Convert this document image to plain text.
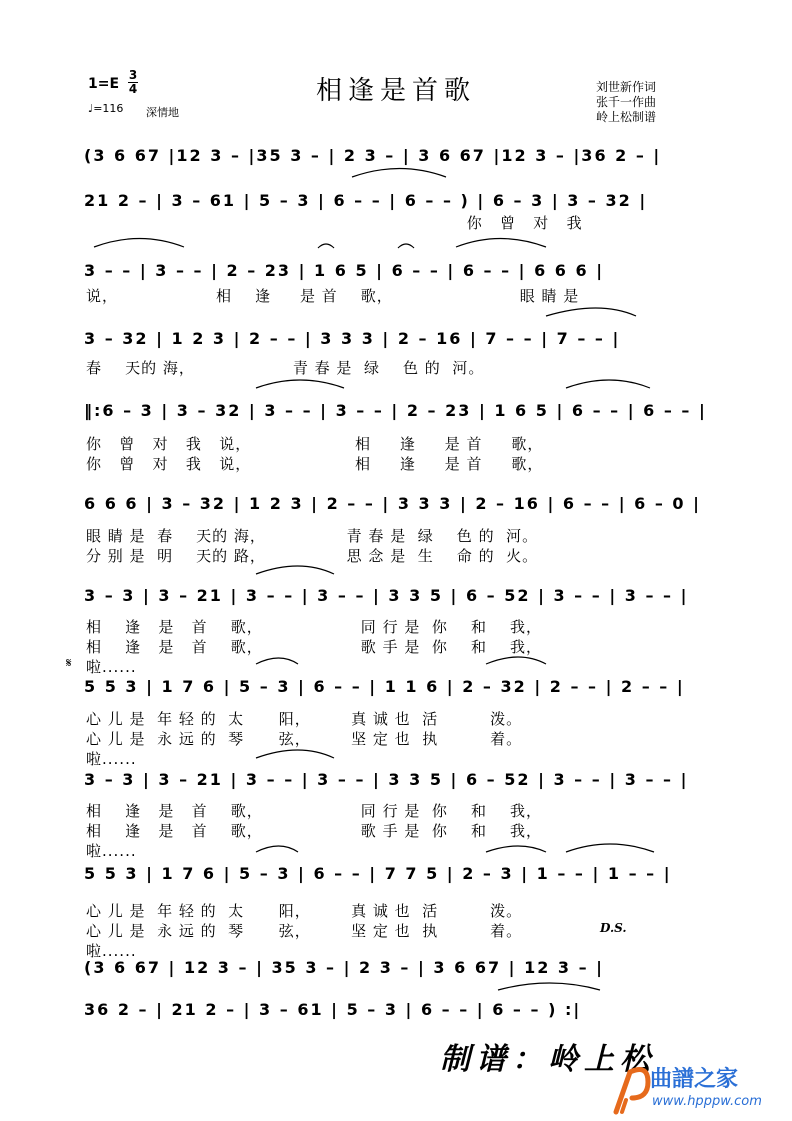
1=E
3
4
♩=116 深情地
相逢是首歌	刘世新作词
张千一作曲
岭上松制谱
(3 6 67 |12 3 – |35 3 – | 2 3 – | 3 6 67 |12 3 – |36 2 – |
21 2 – | 3 – 61 | 5 – 3 | 6 – – | 6 – – ) | 6 – 3 | 3 – 32 |
3 – – | 3 – – | 2 – 23 | 1 6 5 | 6 – – | 6 – – | 6 6 6 |
3 – 32 | 1 2 3 | 2 – – | 3 3 3 | 2 – 16 | 7 – – | 7 – – |
‖:6 – 3 | 3 – 32 | 3 – – | 3 – – | 2 – 23 | 1 6 5 | 6 – – | 6 – – |
6 6 6 | 3 – 32 | 1 2 3 | 2 – – | 3 3 3 | 2 – 16 | 6 – – | 6 – 0 |
3 – 3 | 3 – 21 | 3 – – | 3 – – | 3 3 5 | 6 – 52 | 3 – – | 3 – – |
5 5 3 | 1 7 6 | 5 – 3 | 6 – – | 1 1 6 | 2 – 32 | 2 – – | 2 – – |
3 – 3 | 3 – 21 | 3 – – | 3 – – | 3 3 5 | 6 – 52 | 3 – – | 3 – – |
5 5 3 | 1 7 6 | 5 – 3 | 6 – – | 7 7 5 | 2 – 3 | 1 – – | 1 – – |
(3 6 67 | 12 3 – | 35 3 – | 2 3 – | 3 6 67 | 12 3 – |
36 2 – | 21 2 – | 3 – 61 | 5 – 3 | 6 – – | 6 – – ) :|
你   曾   对   我
说，                 相    逢     是 首    歌，                      眼 睛 是
春    天的 海，                 青 春 是  绿    色 的  河。
你   曾   对   我   说，                  相     逢     是 首     歌，
你   曾   对   我   说，                  相     逢     是 首     歌，
眼 睛 是  春    天的 海，              青 春 是  绿    色 的  河。
分 别 是  明    天的 路，              思 念 是  生    命 的  火。
相    逢   是   首    歌，                 同 行 是  你    和    我，
相    逢   是   首    歌，                 歌 手 是  你    和    我，
啦......
心 儿 是  年 轻 的  太      阳，       真 诚 也  活         泼。
心 儿 是  永 远 的  琴      弦，       坚 定 也  执         着。
啦......
相    逢   是   首    歌，                 同 行 是  你    和    我，
相    逢   是   首    歌，                 歌 手 是  你    和    我，
啦......
心 儿 是  年 轻 的  太      阳，       真 诚 也  活         泼。
心 儿 是  永 远 的  琴      弦，       坚 定 也  执         着。
啦......
𝄋
D.S.
制谱：岭上松
曲譜之家
www.hpppw.com
